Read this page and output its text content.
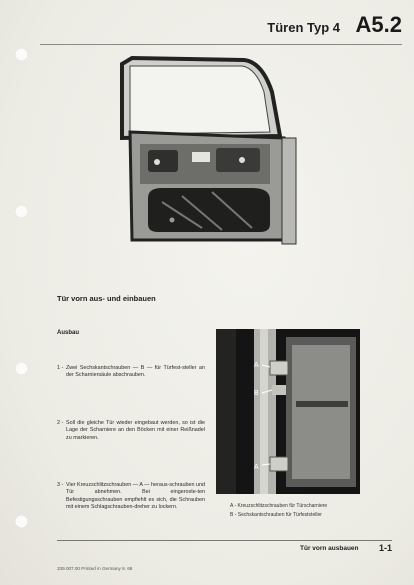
Türen Typ 4 A5.2
Tür vorn aus- und einbauen
Ausbau
1 - Zwei Sechskantschrauben — B — für Türfest-steller an der Scharniersäule abschrauben.
2 - Soll die gleiche Tür wieder eingebaut werden, so ist die Lage der Scharniere an den Böcken mit einer Reißnadel zu markieren.
3 - Vier Kreuzschlitzschrauben — A — heraus-schrauben und Tür abnehmen. Bei eingeroste-ten Befestigungsschrauben empfiehlt es sich, die Schrauben mit einem Schlagschrauben-dreher zu lockern.
A
B
A
A - Kreuzschlitzschrauben für Türscharniere
B - Sechskantschrauben für Türfeststeller
Tür vorn ausbauen 1-1
339.007.00 Printed in Germany 8. 68
